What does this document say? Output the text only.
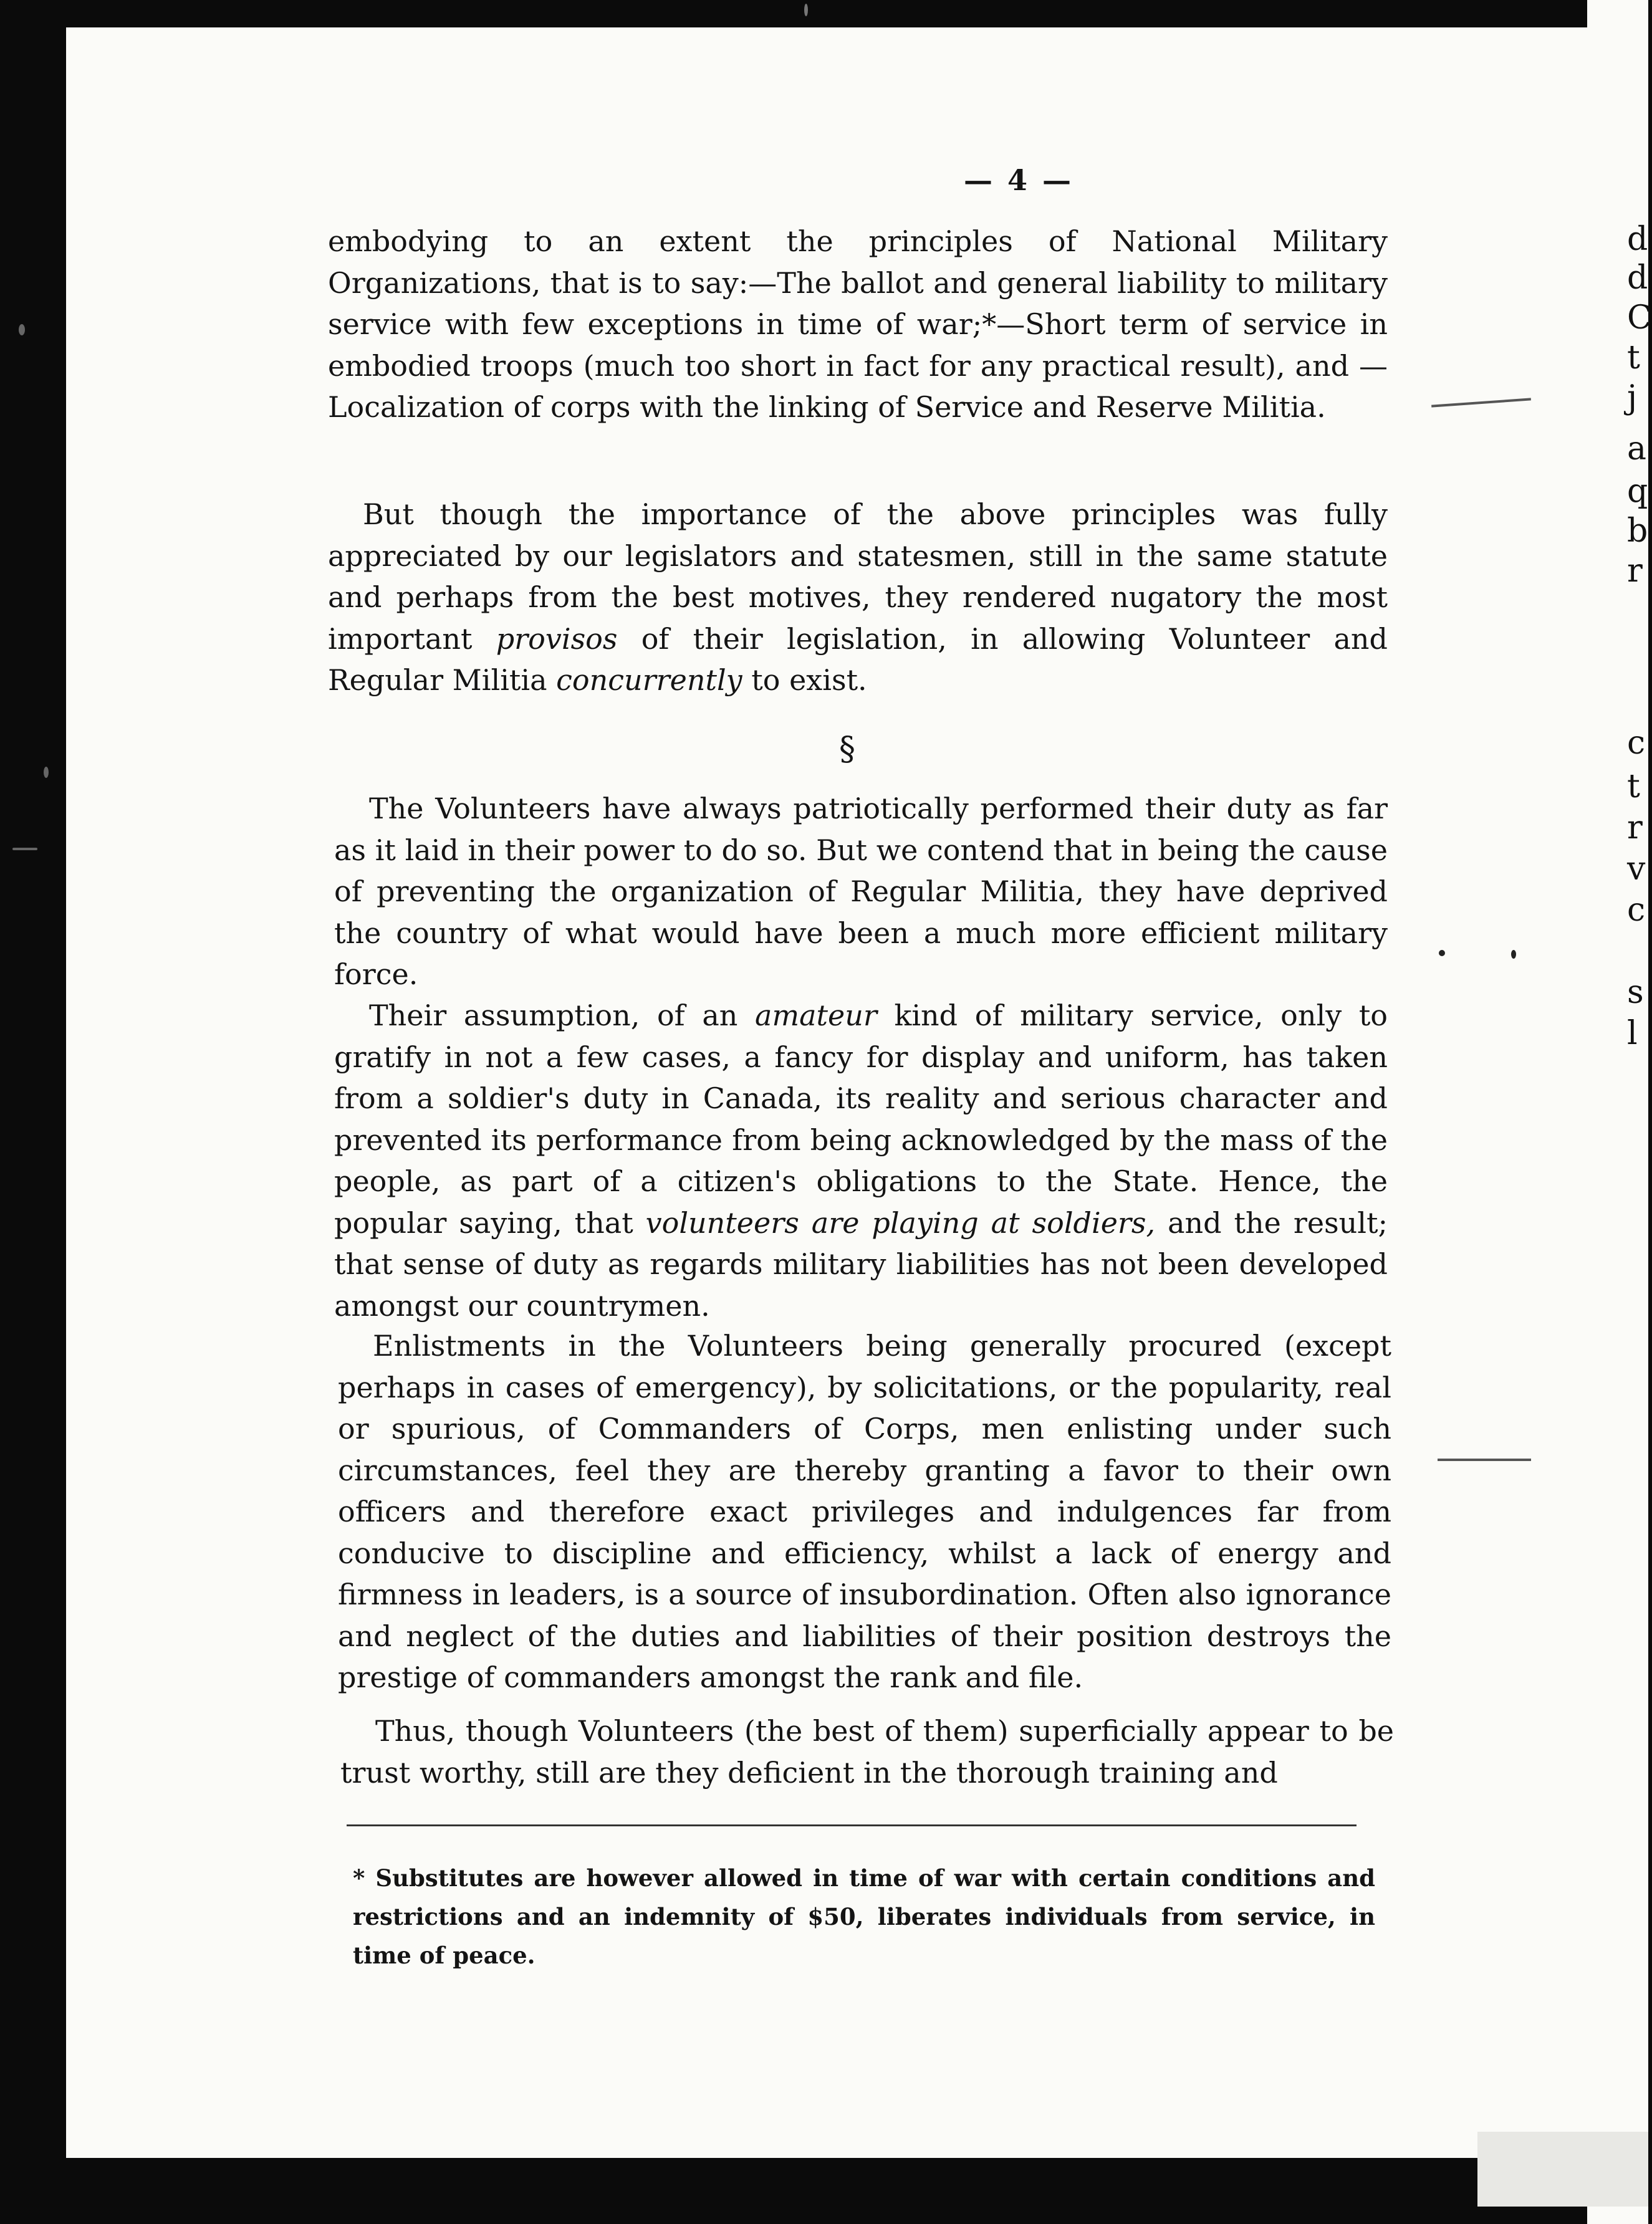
— 4 —

embodying to an extent the principles of National Military Organizations, that is to say:—The ballot and general liability to military service with few exceptions in time of war;*—Short term of service in embodied troops (much too short in fact for any practical result), and —Localization of corps with the linking of Service and Reserve Militia.

But though the importance of the above principles was fully appreciated by our legislators and statesmen, still in the same statute and perhaps from the best motives, they rendered nugatory the most important provisos of their legislation, in allowing Volunteer and Regular Militia concurrently to exist.

§

The Volunteers have always patriotically performed their duty as far as it laid in their power to do so. But we contend that in being the cause of preventing the organization of Regular Militia, they have deprived the country of what would have been a much more efficient military force.

Their assumption, of an amateur kind of military service, only to gratify in not a few cases, a fancy for display and uniform, has taken from a soldier's duty in Canada, its reality and serious character and prevented its performance from being acknowledged by the mass of the people, as part of a citizen's obligations to the State. Hence, the popular saying, that volunteers are playing at soldiers, and the result; that sense of duty as regards military liabilities has not been developed amongst our countrymen.

Enlistments in the Volunteers being generally procured (except perhaps in cases of emergency), by solicitations, or the popularity, real or spurious, of Commanders of Corps, men enlisting under such circumstances, feel they are thereby granting a favor to their own officers and therefore exact privileges and indulgences far from conducive to discipline and efficiency, whilst a lack of energy and firmness in leaders, is a source of insubordination. Often also ignorance and neglect of the duties and liabilities of their position destroys the prestige of commanders amongst the rank and file.

Thus, though Volunteers (the best of them) superficially appear to be trust worthy, still are they deficient in the thorough training and

* Substitutes are however allowed in time of war with certain conditions and restrictions and an indemnity of $50, liberates individuals from service, in time of peace.

d
d
C
t
j
a
q
b
r
c
t
r
v
c
s
l
